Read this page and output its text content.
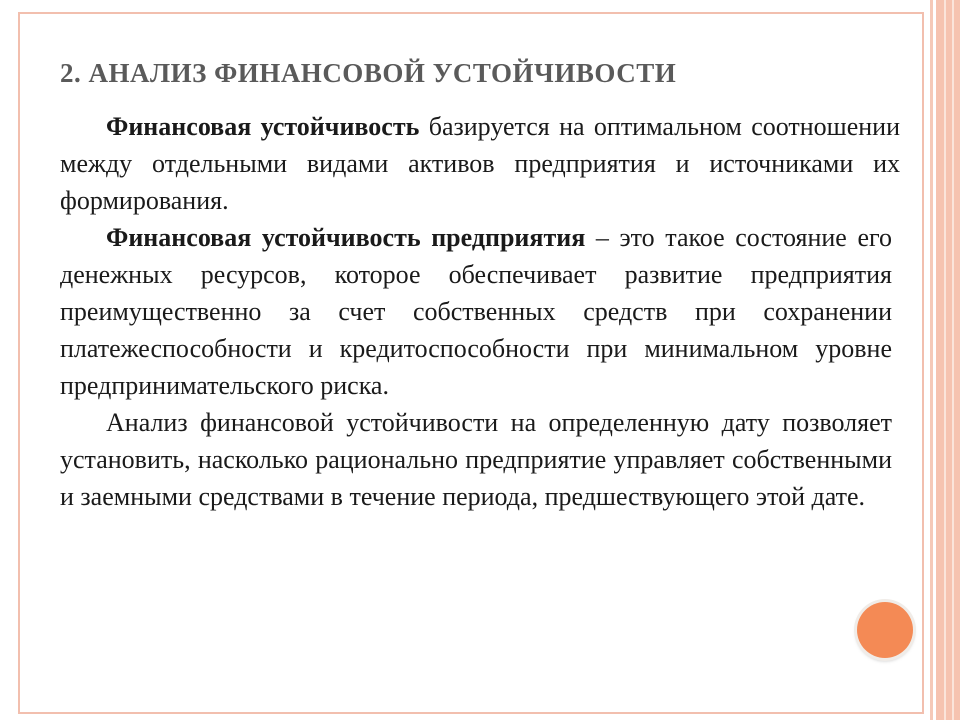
2. АНАЛИЗ ФИНАНСОВОЙ УСТОЙЧИВОСТИ

Финансовая устойчивость базируется на оптимальном соотношении между отдельными видами активов предприятия и источниками их формирования.

Финансовая устойчивость предприятия – это такое состояние его денежных ресурсов, которое обеспечивает развитие предприятия преимущественно за счет собственных средств при сохранении платежеспособности и кредитоспособности при минимальном уровне предпринимательского риска.

Анализ финансовой устойчивости на определенную дату позволяет установить, насколько рационально предприятие управляет собственными и заемными средствами в течение периода, предшествующего этой дате.
